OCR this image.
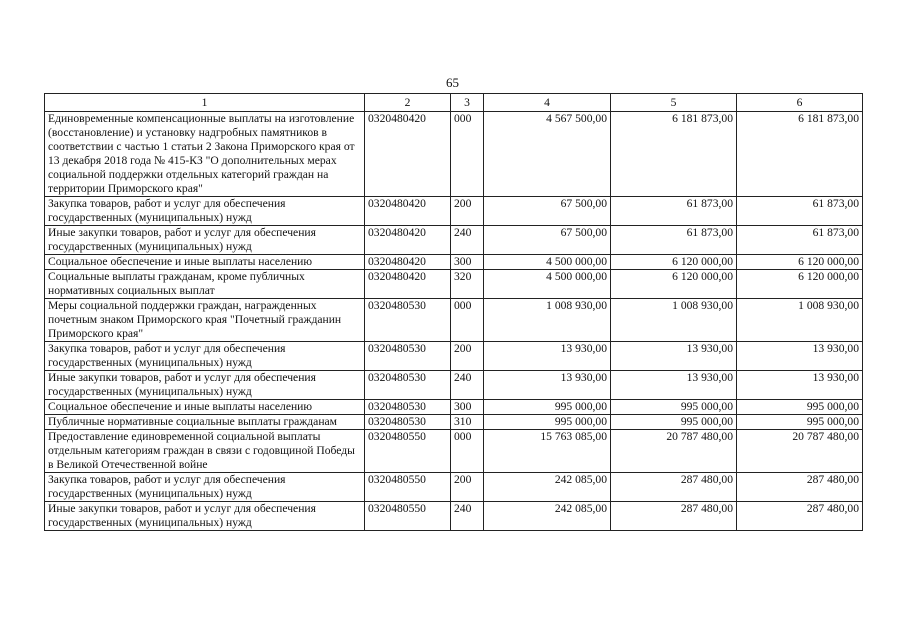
65
1	2	3	4	5	6
Единовременные компенсационные выплаты на изготовление (восстановление) и установку надгробных памятников в соответствии с частью 1 статьи 2 Закона Приморского края от 13 декабря 2018 года № 415-КЗ "О дополнительных мерах социальной поддержки отдельных категорий граждан на территории Приморского края"	0320480420	000	4 567 500,00	6 181 873,00	6 181 873,00
Закупка товаров, работ и услуг для обеспечения государственных (муниципальных) нужд	0320480420	200	67 500,00	61 873,00	61 873,00
Иные закупки товаров, работ и услуг для обеспечения государственных (муниципальных) нужд	0320480420	240	67 500,00	61 873,00	61 873,00
Социальное обеспечение и иные выплаты населению	0320480420	300	4 500 000,00	6 120 000,00	6 120 000,00
Социальные выплаты гражданам, кроме публичных нормативных социальных выплат	0320480420	320	4 500 000,00	6 120 000,00	6 120 000,00
Меры социальной поддержки граждан, награжденных почетным знаком Приморского края "Почетный гражданин Приморского края"	0320480530	000	1 008 930,00	1 008 930,00	1 008 930,00
Закупка товаров, работ и услуг для обеспечения государственных (муниципальных) нужд	0320480530	200	13 930,00	13 930,00	13 930,00
Иные закупки товаров, работ и услуг для обеспечения государственных (муниципальных) нужд	0320480530	240	13 930,00	13 930,00	13 930,00
Социальное обеспечение и иные выплаты населению	0320480530	300	995 000,00	995 000,00	995 000,00
Публичные нормативные социальные выплаты гражданам	0320480530	310	995 000,00	995 000,00	995 000,00
Предоставление единовременной социальной выплаты отдельным категориям граждан в связи с годовщиной Победы в Великой Отечественной войне	0320480550	000	15 763 085,00	20 787 480,00	20 787 480,00
Закупка товаров, работ и услуг для обеспечения государственных (муниципальных) нужд	0320480550	200	242 085,00	287 480,00	287 480,00
Иные закупки товаров, работ и услуг для обеспечения государственных (муниципальных) нужд	0320480550	240	242 085,00	287 480,00	287 480,00
